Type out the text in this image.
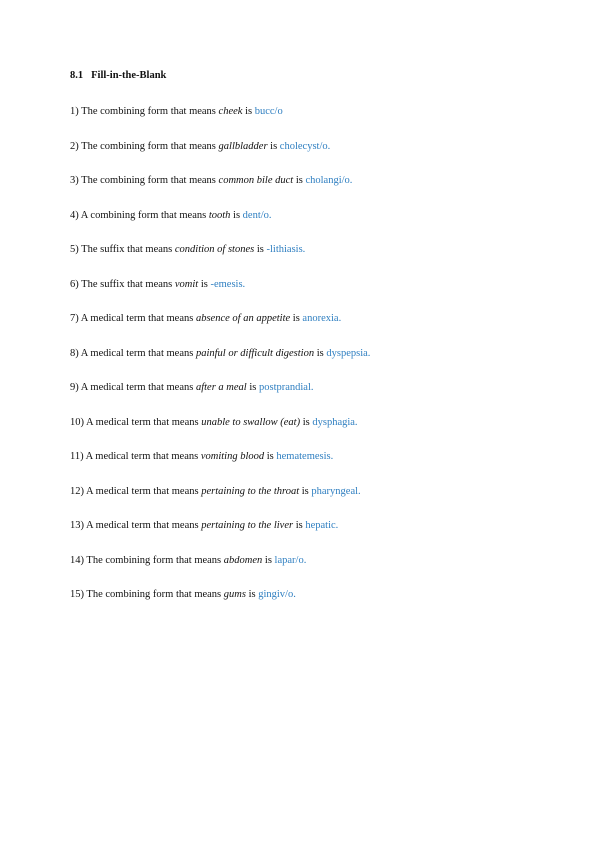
8.1 Fill-in-the-Blank
1) The combining form that means cheek is bucc/o
2) The combining form that means gallbladder is cholecyst/o.
3) The combining form that means common bile duct is cholangi/o.
4) A combining form that means tooth is dent/o.
5) The suffix that means condition of stones is -lithiasis.
6) The suffix that means vomit is -emesis.
7) A medical term that means absence of an appetite is anorexia.
8) A medical term that means painful or difficult digestion is dyspepsia.
9) A medical term that means after a meal is postprandial.
10) A medical term that means unable to swallow (eat) is dysphagia.
11) A medical term that means vomiting blood is hematemesis.
12) A medical term that means pertaining to the throat is pharyngeal.
13) A medical term that means pertaining to the liver is hepatic.
14) The combining form that means abdomen is lapar/o.
15) The combining form that means gums is gingiv/o.
